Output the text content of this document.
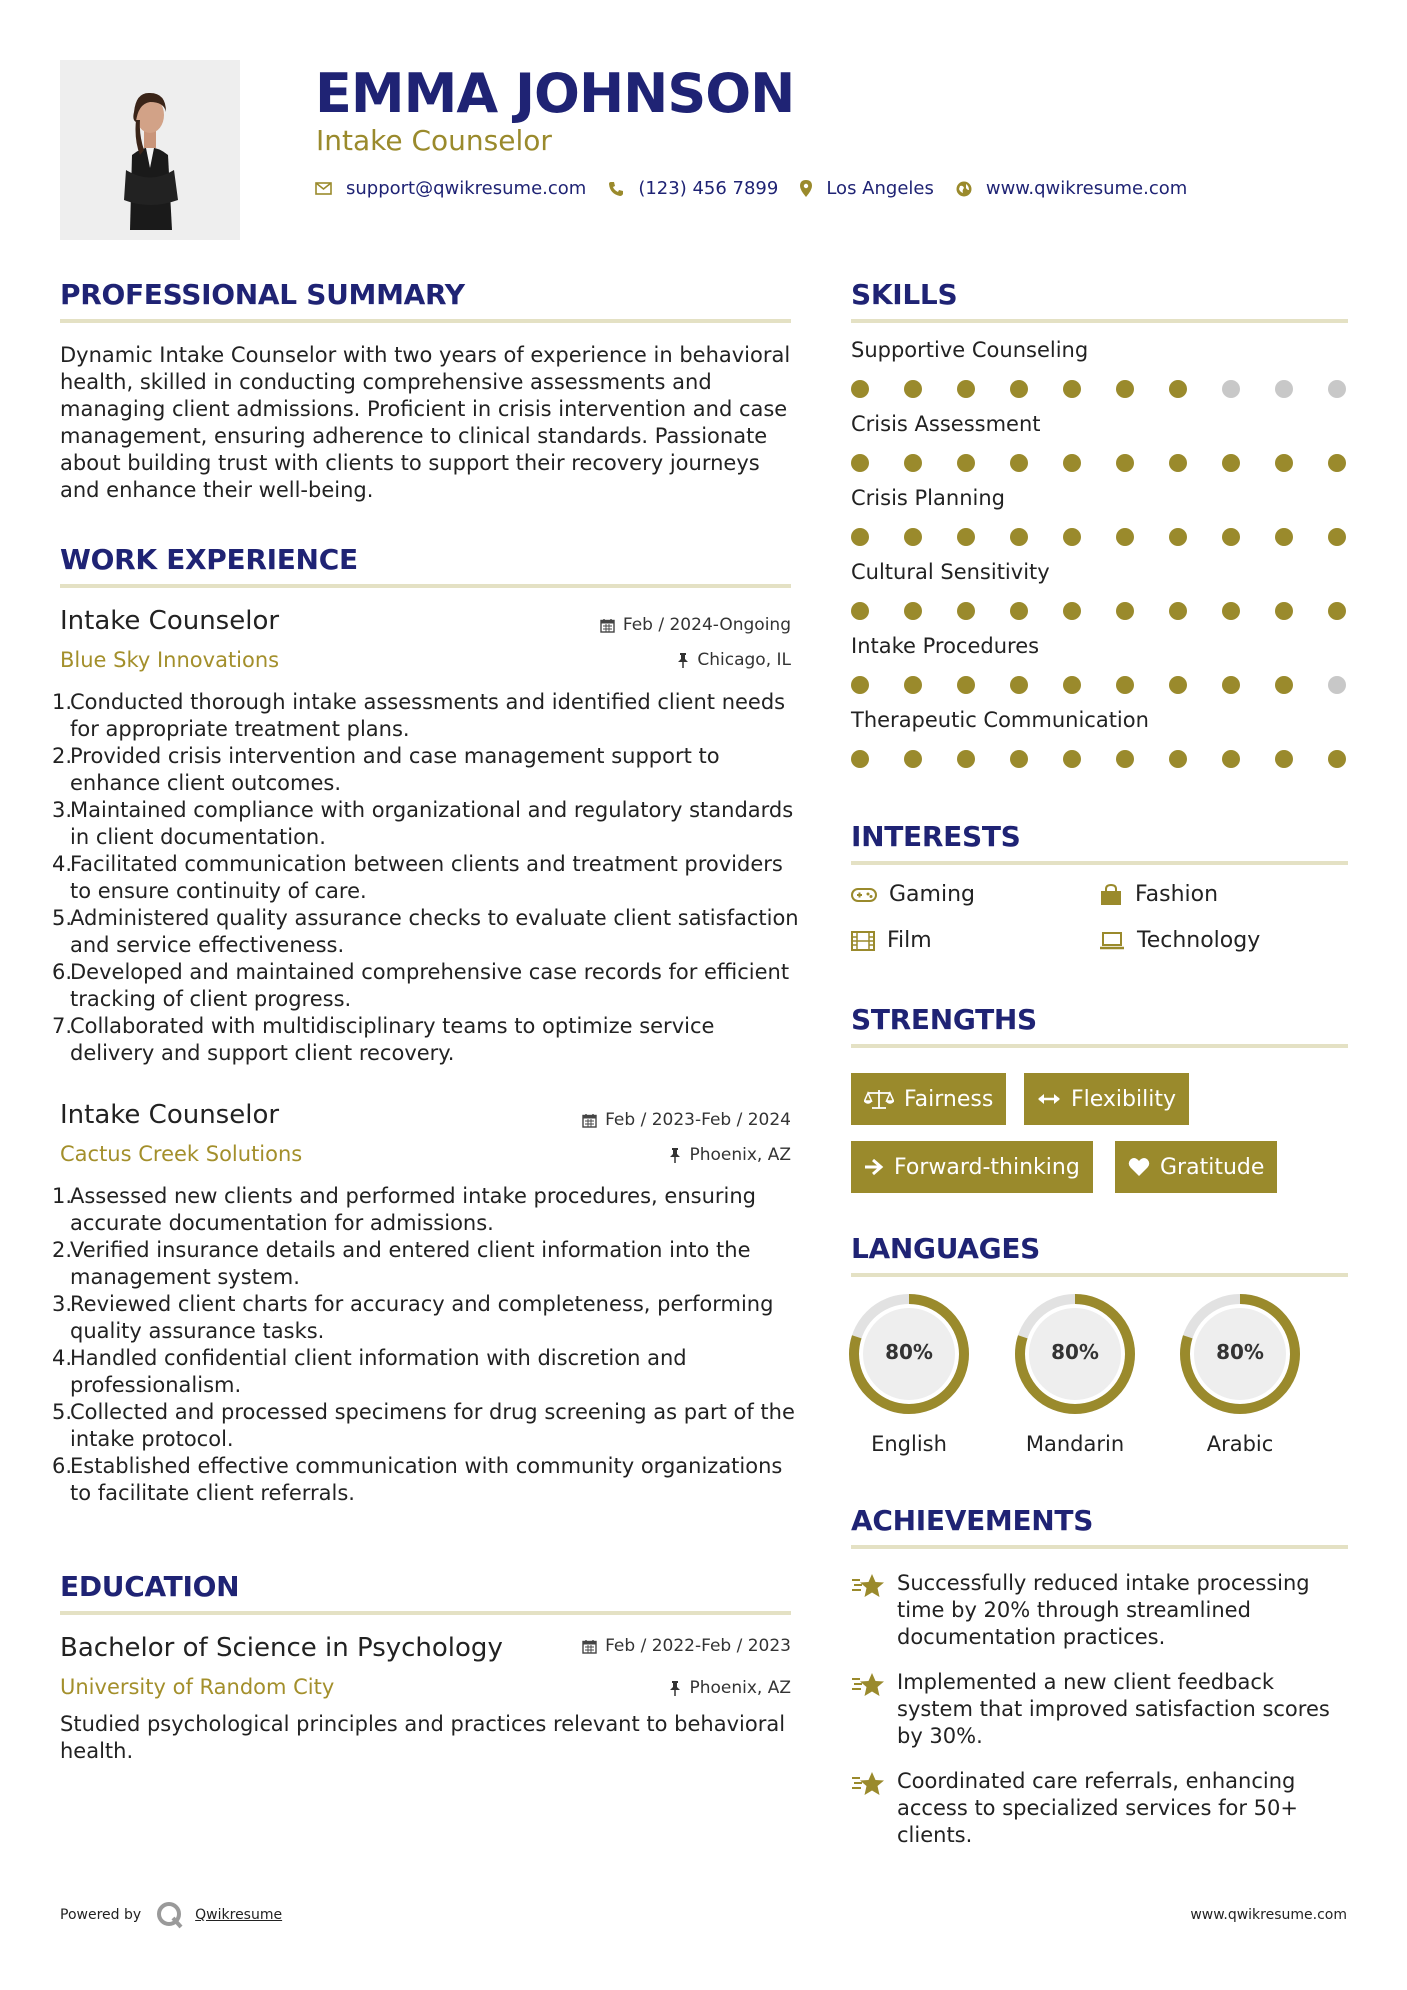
EMMA JOHNSON
Intake Counselor
support@qwikresume.com	(123) 456 7899	Los Angeles	www.qwikresume.com
PROFESSIONAL SUMMARY
Dynamic Intake Counselor with two years of experience in behavioral health, skilled in conducting comprehensive assessments and managing client admissions. Proficient in crisis intervention and case management, ensuring adherence to clinical standards. Passionate about building trust with clients to support their recovery journeys and enhance their well-being.
WORK EXPERIENCE
Intake Counselor	Feb / 2024-Ongoing
Blue Sky Innovations	Chicago, IL
1.
Conducted thorough intake assessments and identified client needs for appropriate treatment plans.
2.
Provided crisis intervention and case management support to enhance client outcomes.
3.
Maintained compliance with organizational and regulatory standards in client documentation.
4.
Facilitated communication between clients and treatment providers to ensure continuity of care.
5.
Administered quality assurance checks to evaluate client satisfaction and service effectiveness.
6.
Developed and maintained comprehensive case records for efficient tracking of client progress.
7.
Collaborated with multidisciplinary teams to optimize service delivery and support client recovery.
Intake Counselor	Feb / 2023-Feb / 2024
Cactus Creek Solutions	Phoenix, AZ
1.
Assessed new clients and performed intake procedures, ensuring accurate documentation for admissions.
2.
Verified insurance details and entered client information into the management system.
3.
Reviewed client charts for accuracy and completeness, performing quality assurance tasks.
4.
Handled confidential client information with discretion and professionalism.
5.
Collected and processed specimens for drug screening as part of the intake protocol.
6.
Established effective communication with community organizations to facilitate client referrals.
EDUCATION
Bachelor of Science in Psychology	Feb / 2022-Feb / 2023
University of Random City	Phoenix, AZ
Studied psychological principles and practices relevant to behavioral health.
SKILLS
Supportive Counseling
Crisis Assessment
Crisis Planning
Cultural Sensitivity
Intake Procedures
Therapeutic Communication
INTERESTS
Gaming	Fashion
Film	Technology
STRENGTHS
Fairness	Flexibility
Forward-thinking	Gratitude
LANGUAGES
80%
English
80%
Mandarin
80%
Arabic
ACHIEVEMENTS
Successfully reduced intake processing time by 20% through streamlined documentation practices.
Implemented a new client feedback system that improved satisfaction scores by 30%.
Coordinated care referrals, enhancing access to specialized services for 50+ clients.
Powered by	Qwikresume	www.qwikresume.com
